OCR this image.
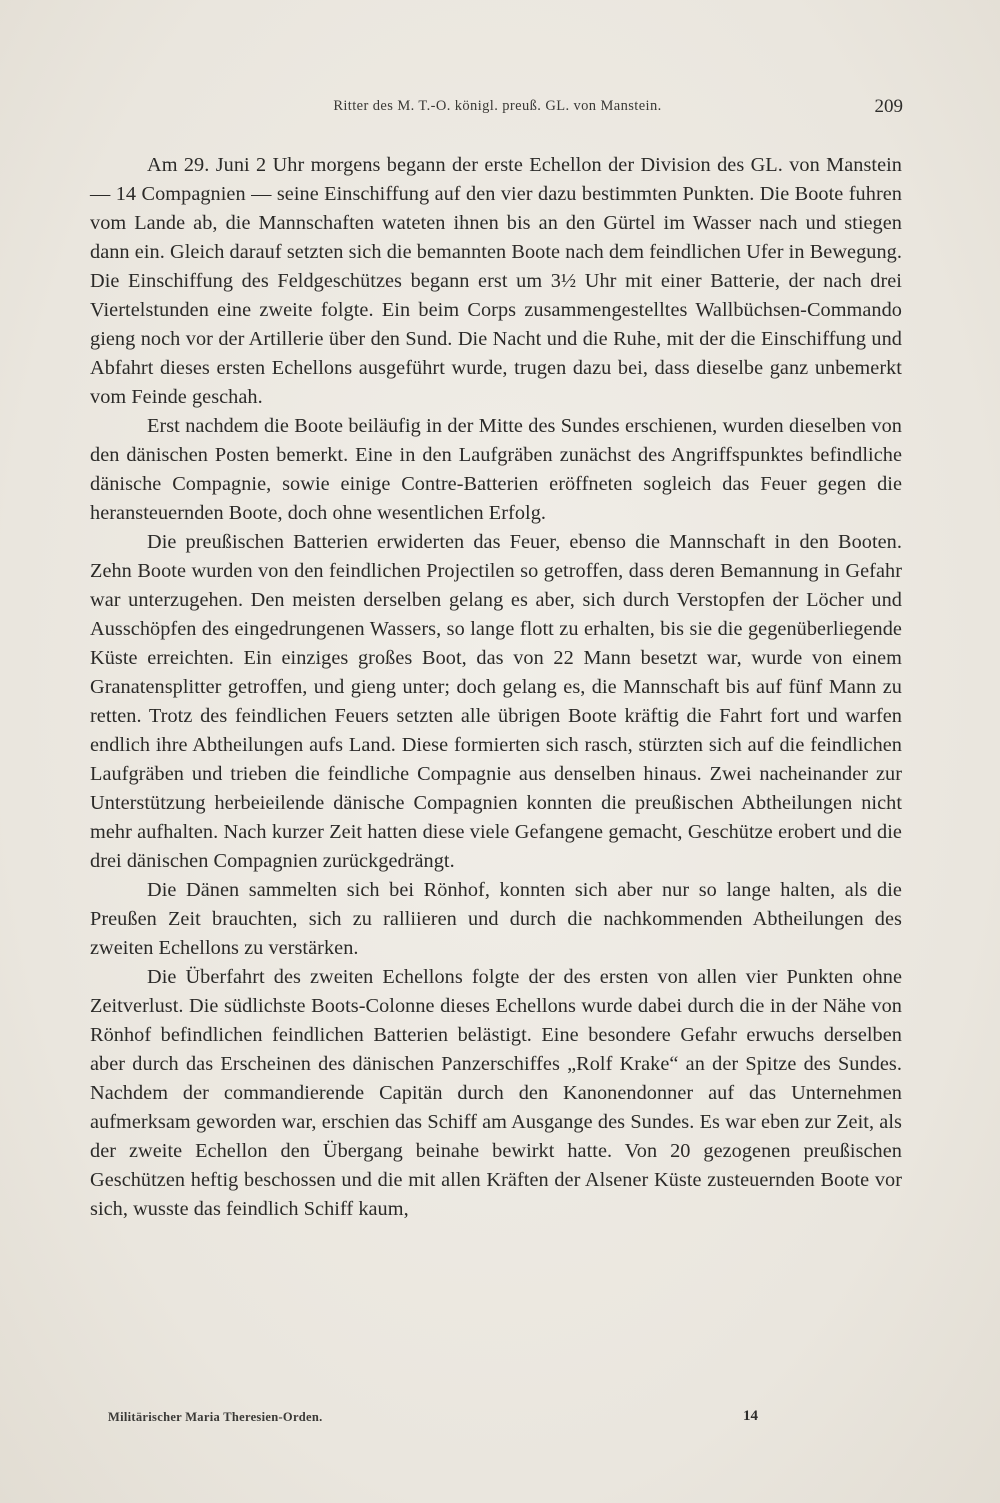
Ritter des M. T.-O. königl. preuß. GL. von Manstein.	209

Am 29. Juni 2 Uhr morgens begann der erste Echellon der Division des GL. von Manstein — 14 Compagnien — seine Einschiffung auf den vier dazu bestimmten Punkten. Die Boote fuhren vom Lande ab, die Mannschaften wateten ihnen bis an den Gürtel im Wasser nach und stiegen dann ein. Gleich darauf setzten sich die bemannten Boote nach dem feindlichen Ufer in Bewegung. Die Einschiffung des Feldgeschützes begann erst um 3½ Uhr mit einer Batterie, der nach drei Viertelstunden eine zweite folgte. Ein beim Corps zusammengestelltes Wallbüchsen-Commando gieng noch vor der Artillerie über den Sund. Die Nacht und die Ruhe, mit der die Einschiffung und Abfahrt dieses ersten Echellons ausgeführt wurde, trugen dazu bei, dass dieselbe ganz unbemerkt vom Feinde geschah.

Erst nachdem die Boote beiläufig in der Mitte des Sundes erschienen, wurden dieselben von den dänischen Posten bemerkt. Eine in den Laufgräben zunächst des Angriffspunktes befindliche dänische Compagnie, sowie einige Contre-Batterien eröffneten sogleich das Feuer gegen die heransteuernden Boote, doch ohne wesentlichen Erfolg.

Die preußischen Batterien erwiderten das Feuer, ebenso die Mannschaft in den Booten. Zehn Boote wurden von den feindlichen Projectilen so getroffen, dass deren Bemannung in Gefahr war unterzugehen. Den meisten derselben gelang es aber, sich durch Verstopfen der Löcher und Ausschöpfen des eingedrungenen Wassers, so lange flott zu erhalten, bis sie die gegenüberliegende Küste erreichten. Ein einziges großes Boot, das von 22 Mann besetzt war, wurde von einem Granatensplitter getroffen, und gieng unter; doch gelang es, die Mannschaft bis auf fünf Mann zu retten. Trotz des feindlichen Feuers setzten alle übrigen Boote kräftig die Fahrt fort und warfen endlich ihre Abtheilungen aufs Land. Diese formierten sich rasch, stürzten sich auf die feindlichen Laufgräben und trieben die feindliche Compagnie aus denselben hinaus. Zwei nacheinander zur Unterstützung herbeieilende dänische Compagnien konnten die preußischen Abtheilungen nicht mehr aufhalten. Nach kurzer Zeit hatten diese viele Gefangene gemacht, Geschütze erobert und die drei dänischen Compagnien zurückgedrängt.

Die Dänen sammelten sich bei Rönhof, konnten sich aber nur so lange halten, als die Preußen Zeit brauchten, sich zu ralliieren und durch die nachkommenden Abtheilungen des zweiten Echellons zu verstärken.

Die Überfahrt des zweiten Echellons folgte der des ersten von allen vier Punkten ohne Zeitverlust. Die südlichste Boots-Colonne dieses Echellons wurde dabei durch die in der Nähe von Rönhof befindlichen feindlichen Batterien belästigt. Eine besondere Gefahr erwuchs derselben aber durch das Erscheinen des dänischen Panzerschiffes „Rolf Krake“ an der Spitze des Sundes. Nachdem der commandierende Capitän durch den Kanonendonner auf das Unternehmen aufmerksam geworden war, erschien das Schiff am Ausgange des Sundes. Es war eben zur Zeit, als der zweite Echellon den Übergang beinahe bewirkt hatte. Von 20 gezogenen preußischen Geschützen heftig beschossen und die mit allen Kräften der Alsener Küste zusteuernden Boote vor sich, wusste das feindlich Schiff kaum,

Militärischer Maria Theresien-Orden.	14
